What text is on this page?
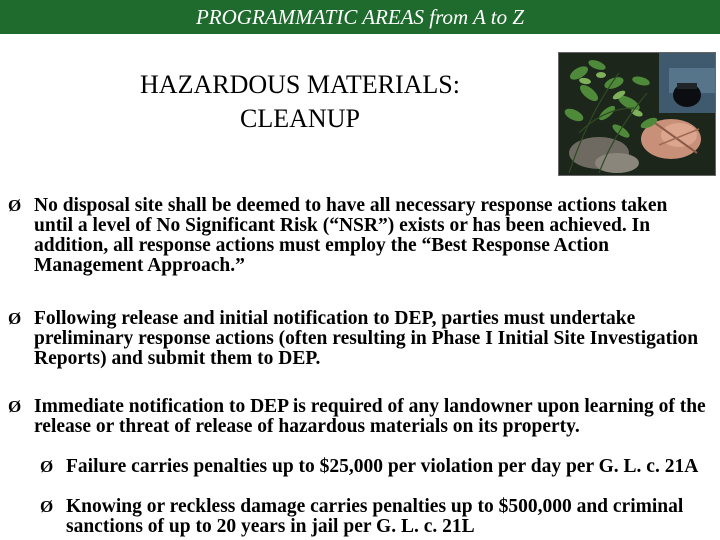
PROGRAMMATIC AREAS from A to Z
HAZARDOUS MATERIALS:
CLEANUP
Ø No disposal site shall be deemed to have all necessary response actions taken until a level of No Significant Risk (“NSR”) exists or has been achieved. In addition, all response actions must employ the “Best Response Action Management Approach.”
Ø Following release and initial notification to DEP, parties must undertake preliminary response actions (often resulting in Phase I Initial Site Investigation Reports) and submit them to DEP.
Ø Immediate notification to DEP is required of any landowner upon learning of the release or threat of release of hazardous materials on its property.
Ø Failure carries penalties up to $25,000 per violation per day per G. L. c. 21A
Ø Knowing or reckless damage carries penalties up to $500,000 and criminal sanctions of up to 20 years in jail per G. L. c. 21L
